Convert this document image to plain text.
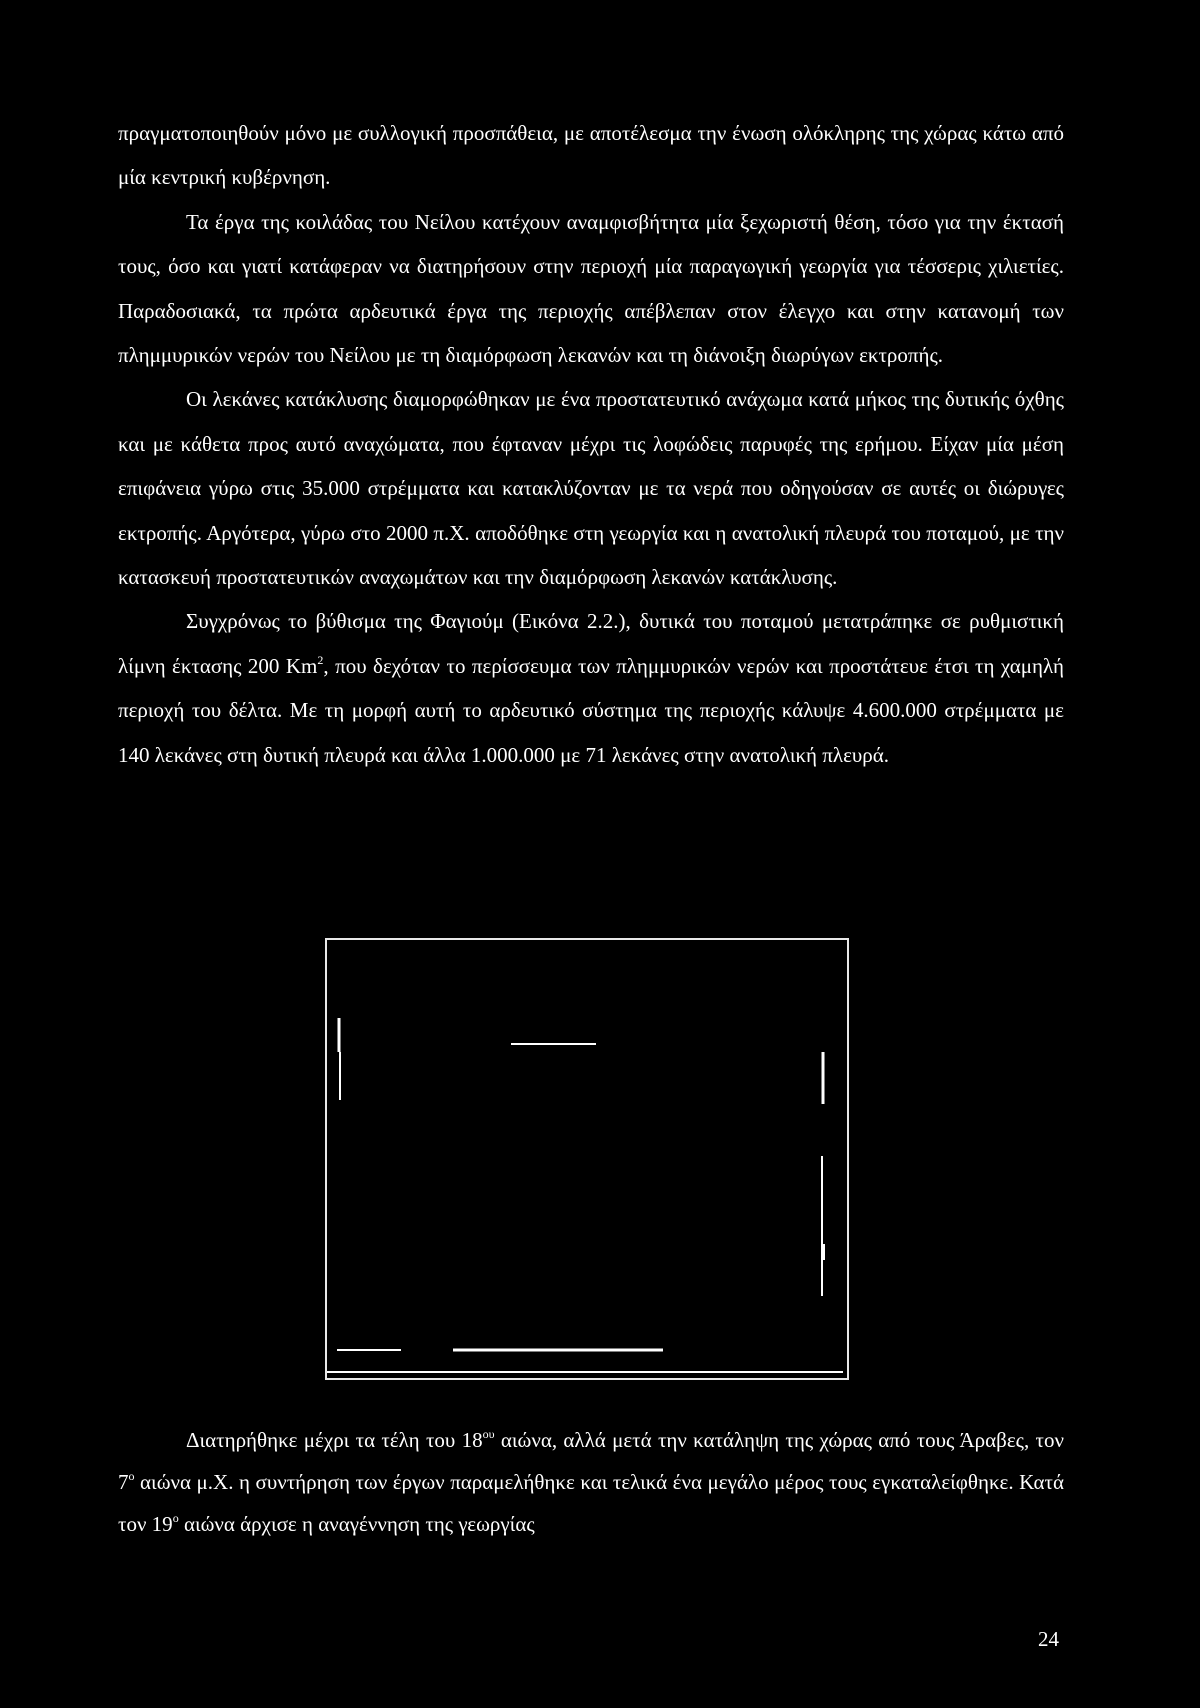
πραγματοποιηθούν μόνο με συλλογική προσπάθεια, με αποτέλεσμα την ένωση ολόκληρης της χώρας κάτω από μία κεντρική κυβέρνηση.

Τα έργα της κοιλάδας του Νείλου κατέχουν αναμφισβήτητα μία ξεχωριστή θέση, τόσο για την έκτασή τους, όσο και γιατί κατάφεραν να διατηρήσουν στην περιοχή μία παραγωγική γεωργία για τέσσερις χιλιετίες. Παραδοσιακά, τα πρώτα αρδευτικά έργα της περιοχής απέβλεπαν στον έλεγχο και στην κατανομή των πλημμυρικών νερών του Νείλου με τη διαμόρφωση λεκανών και τη διάνοιξη διωρύγων εκτροπής.

Οι λεκάνες κατάκλυσης διαμορφώθηκαν με ένα προστατευτικό ανάχωμα κατά μήκος της δυτικής όχθης και με κάθετα προς αυτό αναχώματα, που έφταναν μέχρι τις λοφώδεις παρυφές της ερήμου. Είχαν μία μέση επιφάνεια γύρω στις 35.000 στρέμματα και κατακλύζονταν με τα νερά που οδηγούσαν σε αυτές οι διώρυγες εκτροπής. Αργότερα, γύρω στο 2000 π.Χ. αποδόθηκε στη γεωργία και η ανατολική πλευρά του ποταμού, με την κατασκευή προστατευτικών αναχωμάτων και την διαμόρφωση λεκανών κατάκλυσης.

Συγχρόνως το βύθισμα της Φαγιούμ (Εικόνα 2.2.), δυτικά του ποταμού μετατράπηκε σε ρυθμιστική λίμνη έκτασης 200 Km$^2$, που δεχόταν το περίσσευμα των πλημμυρικών νερών και προστάτευε έτσι τη χαμηλή περιοχή του δέλτα. Με τη μορφή αυτή το αρδευτικό σύστημα της περιοχής κάλυψε 4.600.000 στρέμματα με 140 λεκάνες στη δυτική πλευρά και άλλα 1.000.000 με 71 λεκάνες στην ανατολική πλευρά.

Διατηρήθηκε μέχρι τα τέλη του $18^{o\upsilon}$ αιώνα, αλλά μετά την κατάληψη της χώρας από τους Άραβες, τον $7^o$ αιώνα μ.Χ. η συντήρηση των έργων παραμελήθηκε και τελικά ένα μεγάλο μέρος τους εγκαταλείφθηκε. Κατά τον $19^o$ αιώνα άρχισε η αναγέννηση της γεωργίας

24
